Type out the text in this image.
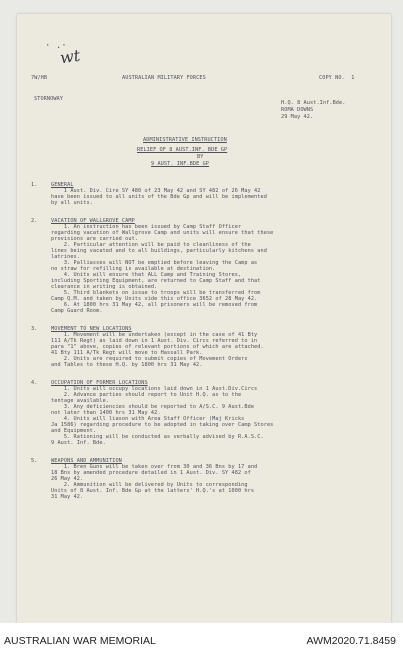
· .·
wt
7W/HB	AUSTRALIAN MILITARY FORCES	COPY NO.  1
STORNOWAY
H.Q. 8 Aust.Inf.Bde.
ROMA DOWNS
29 May 42.
ADMINISTRATIVE INSTRUCTION
RELIEF OF 8 AUST.INF. BDE GP
BY
9 AUST. INF.BDE GP
1.	GENERAL
1 Aust. Div. Cire SY 480 of 23 May 42 and SY 482 of 26 May 42
have been issued to all units of the Bde Gp and will be implemented
by all units.
2.	VACATION OF WALLGROVE CAMP
1. An instruction has been issued by Camp Staff Officer
regarding vacation of Wallgrove Camp and units will ensure that these
provisions are carried out.
2. Particular attention will be paid to cleanliness of the
lines being vacated and to all buildings, particularly kitchens and
latrines.
3. Palliasses will NOT be emptied before leaving the Camp as
no straw for refilling is available at destination.
4. Units will ensure that ALL Camp and Training Stores,
including Sporting Equipment, are returned to Camp Staff and that
clearance in writing is obtained.
5. Third blankets on issue to troops will be transferred from
Camp Q.M. and taken by Units vide this office 3652 of 28 May 42.
6. At 1800 hrs 31 May 42, all prisoners will be removed from
Camp Guard Room.
3.	MOVEMENT TO NEW LOCATIONS
1. Movement will be undertaken (except in the case of 41 Bty
111 A/Tk Regt) as laid down in 1 Aust. Div. Circs referred to in
para "1" above, copies of relevant portions of which are attached.
41 Bty 111 A/Tk Regt will move to Hassall Park.
2. Units are required to submit copies of Movement Orders
and Tables to these H.Q. by 1800 hrs 31 May 42.
4.	OCCUPATION OF FORMER LOCATIONS
1. Units will occupy locations laid down in 1 Aust.Div.Circs
2. Advance parties should report to Unit H.Q. as to the
tentage available.
3. Any deficiencies should be reported to A/S.C. 9 Aust.Bde
not later than 1400 hrs 31 May 42.
4. Units will liason with Area Staff Officer (Maj Kricks
Ja 1586) regarding procedure to be adopted in taking over Camp Stores
and Equipment.
5. Rationing will be conducted as verbally advised by R.A.S.C.
9 Aust. Inf. Bde.
5.	WEAPONS AND AMMUNITION
1. Bren Guns will be taken over from 30 and 36 Bns by 17 and
18 Bns by amended procedure detailed in 1 Aust. Div. SY 482 of
26 May 42.
2. Ammunition will be delivered by Units to corresponding
Units of 8 Aust. Inf. Bde Gp at the latters' H.Q.'s at 1000 hrs
31 May 42.
AUSTRALIAN WAR MEMORIAL	AWM2020.71.8459
